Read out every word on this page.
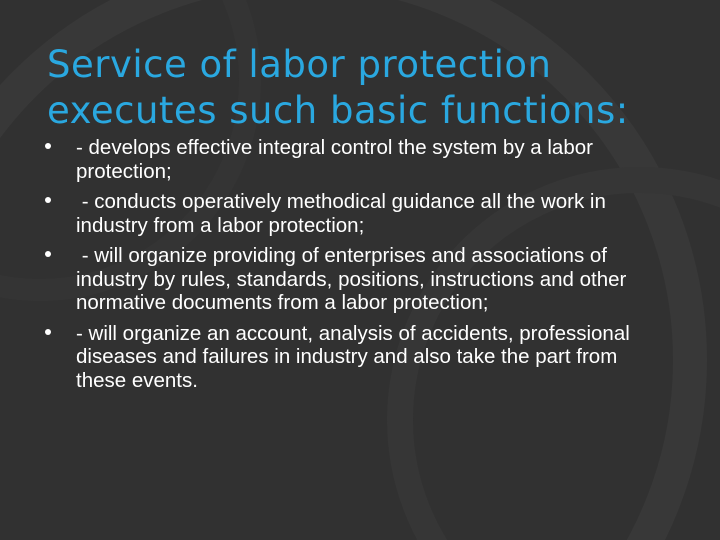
Service of labor protection executes such basic functions:
- develops effective integral control the system by a labor protection;
- conducts operatively methodical guidance all the work in industry from a labor protection;
- will organize providing of enterprises and associations of industry by rules, standards, positions, instructions and other normative documents from a labor protection;
- will organize an account, analysis of accidents, professional diseases and failures in industry and also take the part from these events.
